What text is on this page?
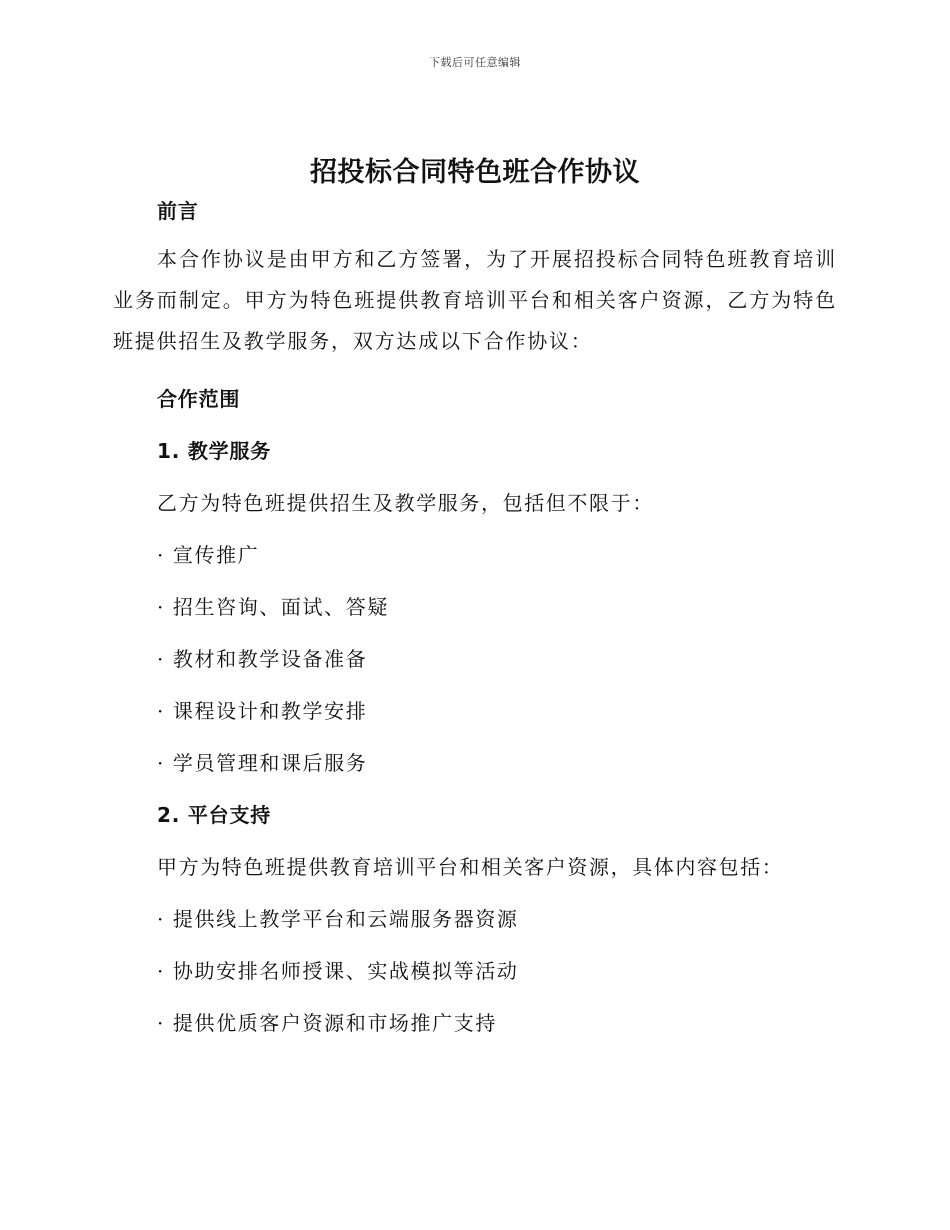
下载后可任意编辑
招投标合同特色班合作协议
前言
本合作协议是由甲方和乙方签署，为了开展招投标合同特色班教育培训业务而制定。甲方为特色班提供教育培训平台和相关客户资源，乙方为特色班提供招生及教学服务，双方达成以下合作协议：
合作范围
1. 教学服务
乙方为特色班提供招生及教学服务，包括但不限于：
· 宣传推广
· 招生咨询、面试、答疑
· 教材和教学设备准备
· 课程设计和教学安排
· 学员管理和课后服务
2. 平台支持
甲方为特色班提供教育培训平台和相关客户资源，具体内容包括：
· 提供线上教学平台和云端服务器资源
· 协助安排名师授课、实战模拟等活动
· 提供优质客户资源和市场推广支持
